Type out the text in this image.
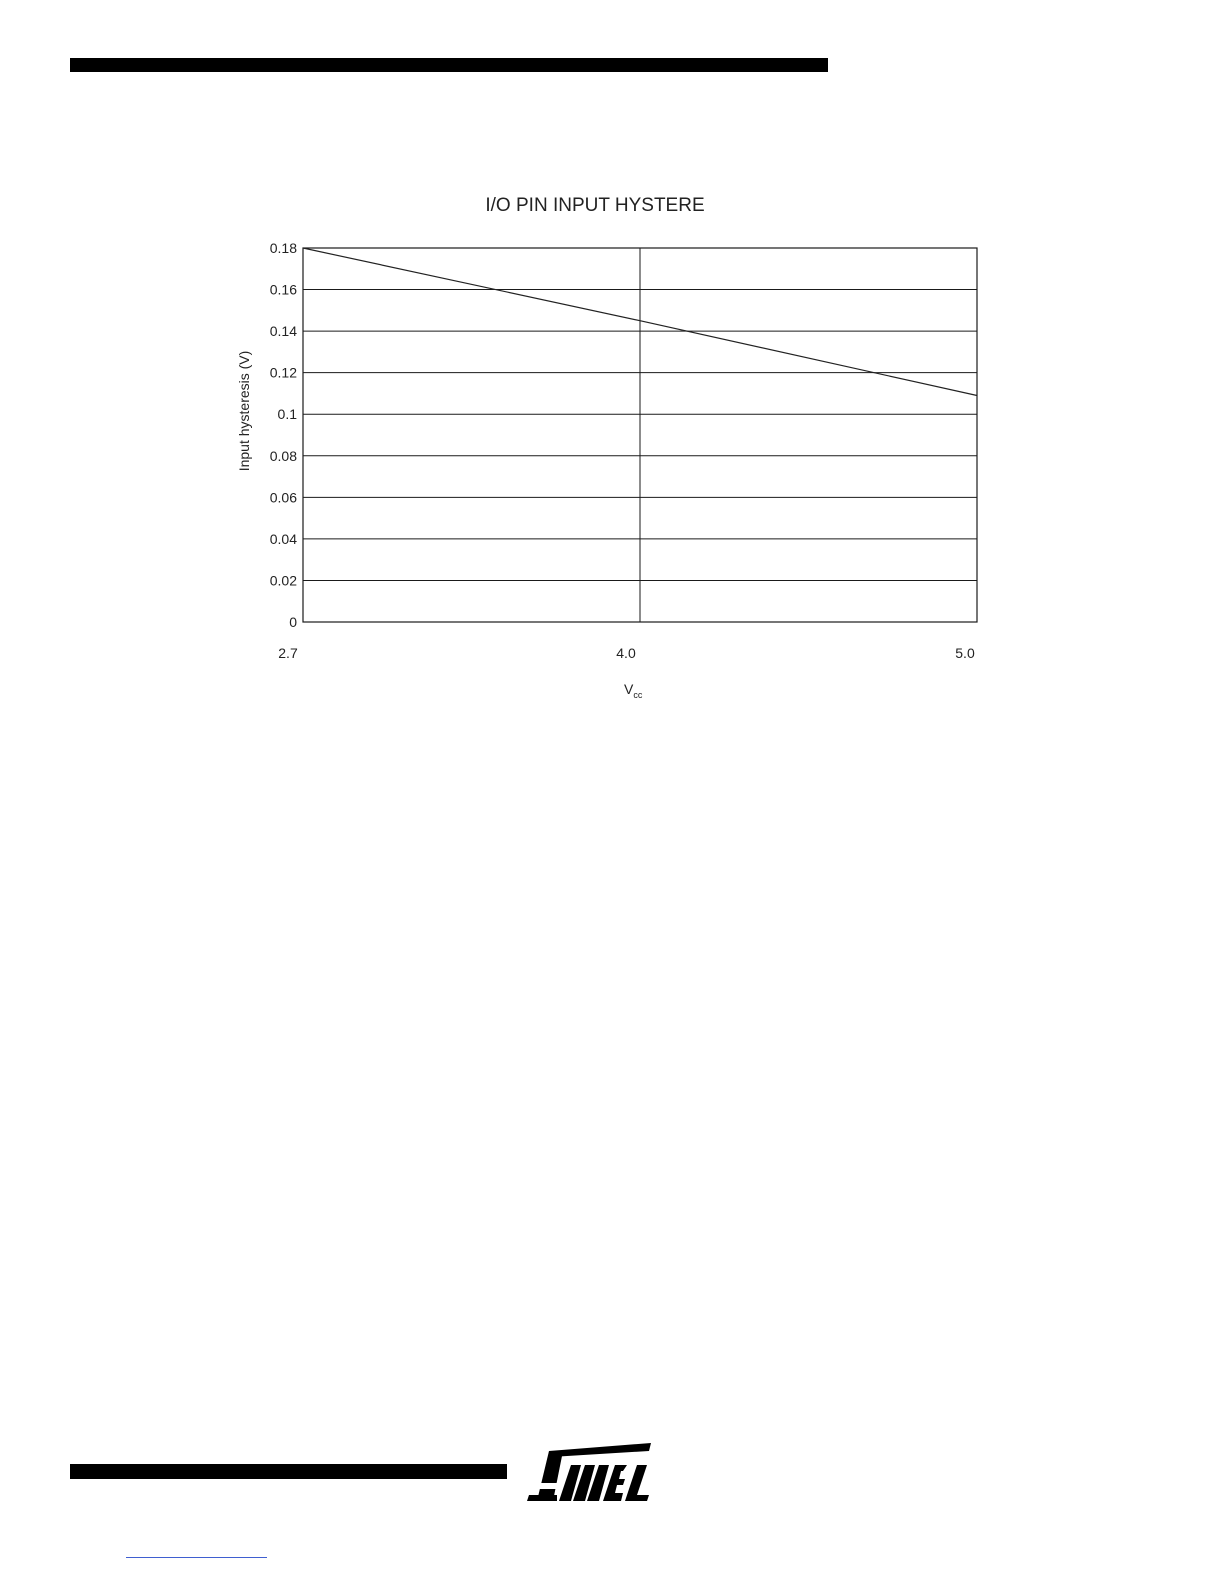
I/O PIN INPUT HYSTERE
0
0.02
0.04
0.06
0.08
0.1
0.12
0.14
0.16
0.18
2.7	4.0	5.0
Input hysteresis (V)
$V_{cc}$
